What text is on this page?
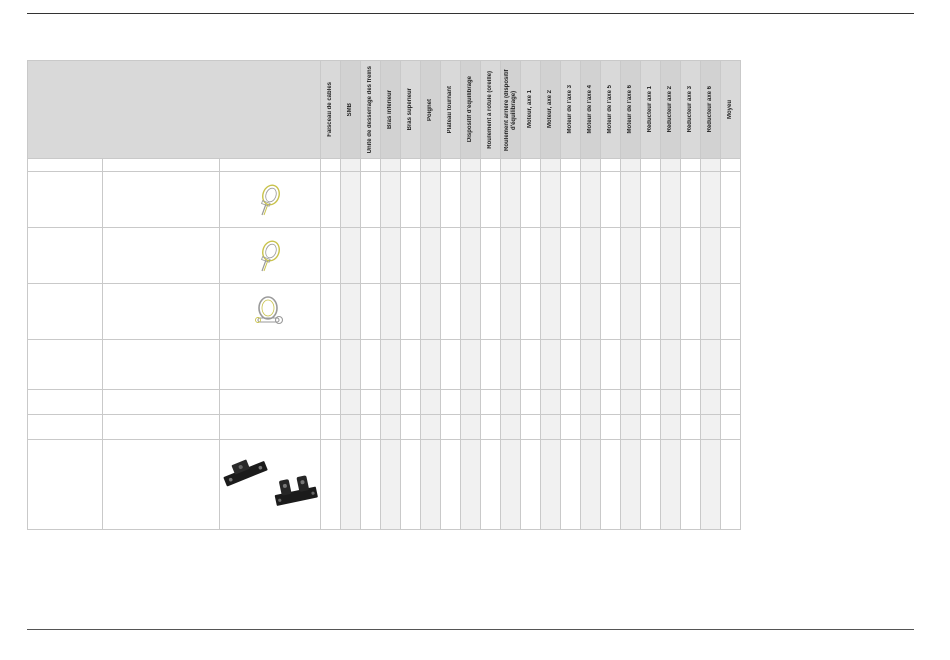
			Faisceau de câbles	SMB	Unité de desserrage des freins	Bras inférieur	Bras supérieur	Poignet	Plateau tournant	Dispositif d'équilibrage	Roulement à rotule (oreille)	Roulement arrière (dispositif d'équilibrage)	Moteur, axe 1	Moteur, axe 2	Moteur de l'axe 3	Moteur de l'axe 4	Moteur de l'axe 5	Moteur de l'axe 6	Réducteur axe 1	Réducteur axe 2	Réducteur axe 3	Réducteur axe 6	Moyeu
